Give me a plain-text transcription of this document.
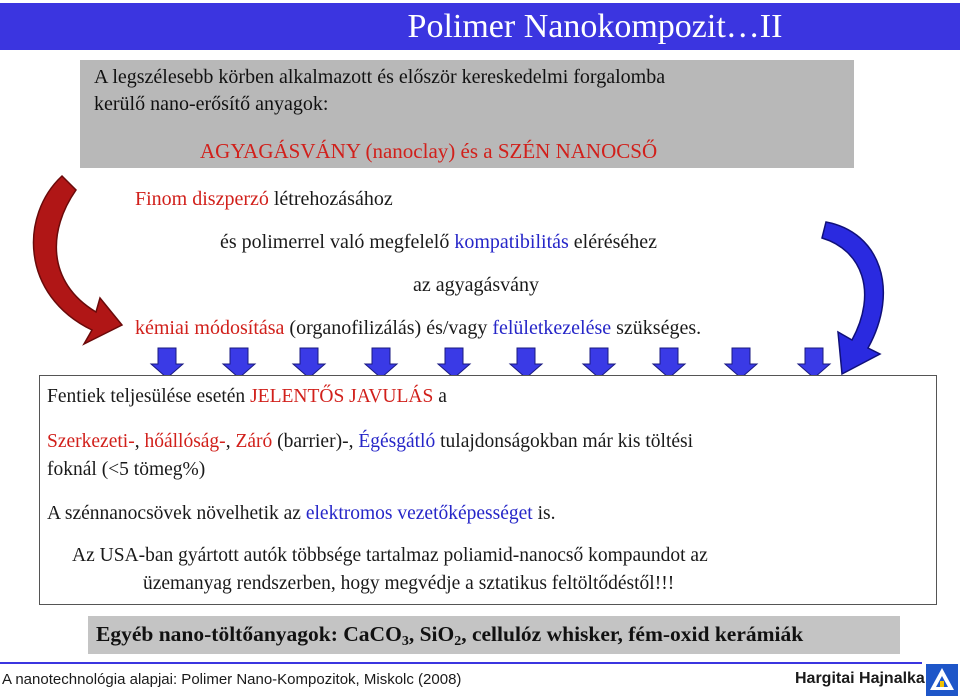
Polimer Nanokompozit…II
A legszélesebb körben alkalmazott és először kereskedelmi forgalomba
kerülő nano-erősítő anyagok:
AGYAGÁSVÁNY (nanoclay) és a SZÉN NANOCSŐ
Finom diszperzó létrehozásához
és polimerrel való megfelelő kompatibilitás eléréséhez
az agyagásvány
kémiai módosítása (organofilizálás) és/vagy felületkezelése szükséges.
Fentiek teljesülése esetén JELENTŐS JAVULÁS a
Szerkezeti-, hőállóság-, Záró (barrier)-, Égésgátló tulajdonságokban már kis töltési
foknál (<5 tömeg%)
A szénnanocsövek növelhetik az elektromos vezetőképességet is.
Az USA-ban gyártott autók többsége tartalmaz poliamid-nanocső kompaundot az
üzemanyag rendszerben, hogy megvédje a sztatikus feltöltődéstől!!!
Egyéb nano-töltőanyagok: CaCO$_3$, SiO$_2$, cellulóz whisker, fém-oxid kerámiák
A nanotechnológia alapjai: Polimer Nano-Kompozitok, Miskolc (2008)	Hargitai Hajnalka
